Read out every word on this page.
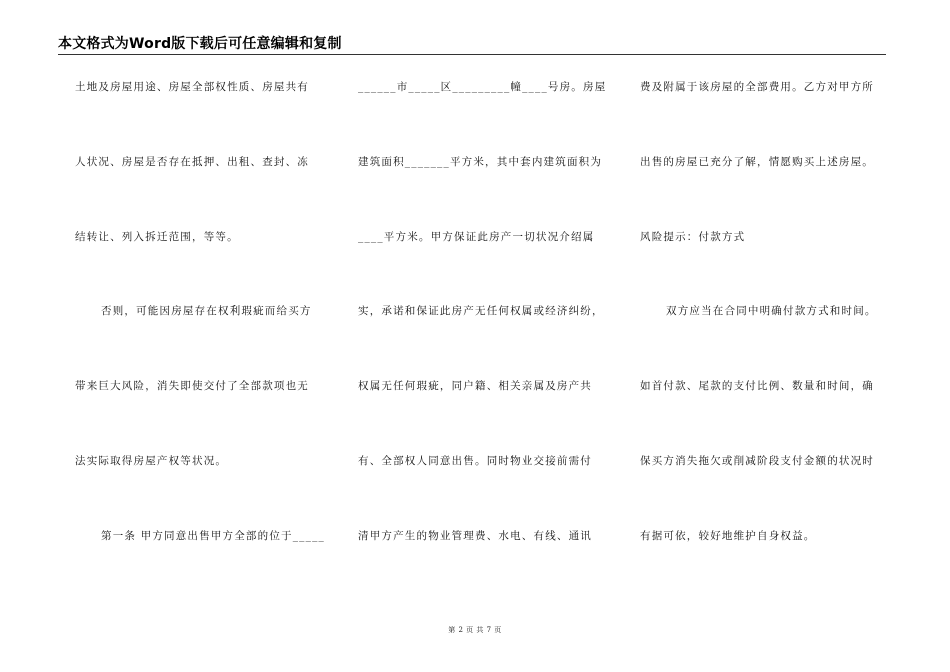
本文格式为Word版下载后可任意编辑和复制
土地及房屋用途、房屋全部权性质、房屋共有
人状况、房屋是否存在抵押、出租、查封、冻
结转让、列入拆迁范围，等等。
否则，可能因房屋存在权利瑕疵而给买方
带来巨大风险，消失即使交付了全部款项也无
法实际取得房屋产权等状况。
第一条 甲方同意出售甲方全部的位于_____
______市_____区_________幢____号房。房屋
建筑面积_______平方米，其中套内建筑面积为
____平方米。甲方保证此房产一切状况介绍属
实，承诺和保证此房产无任何权属或经济纠纷，
权属无任何瑕疵，同户籍、相关亲属及房产共
有、全部权人同意出售。同时物业交接前需付
清甲方产生的物业管理费、水电、有线、通讯
费及附属于该房屋的全部费用。乙方对甲方所
出售的房屋已充分了解，情愿购买上述房屋。
风险提示：付款方式
双方应当在合同中明确付款方式和时间。
如首付款、尾款的支付比例、数量和时间，确
保买方消失拖欠或削减阶段支付金额的状况时
有据可依，较好地维护自身权益。
第 2 页 共 7 页
